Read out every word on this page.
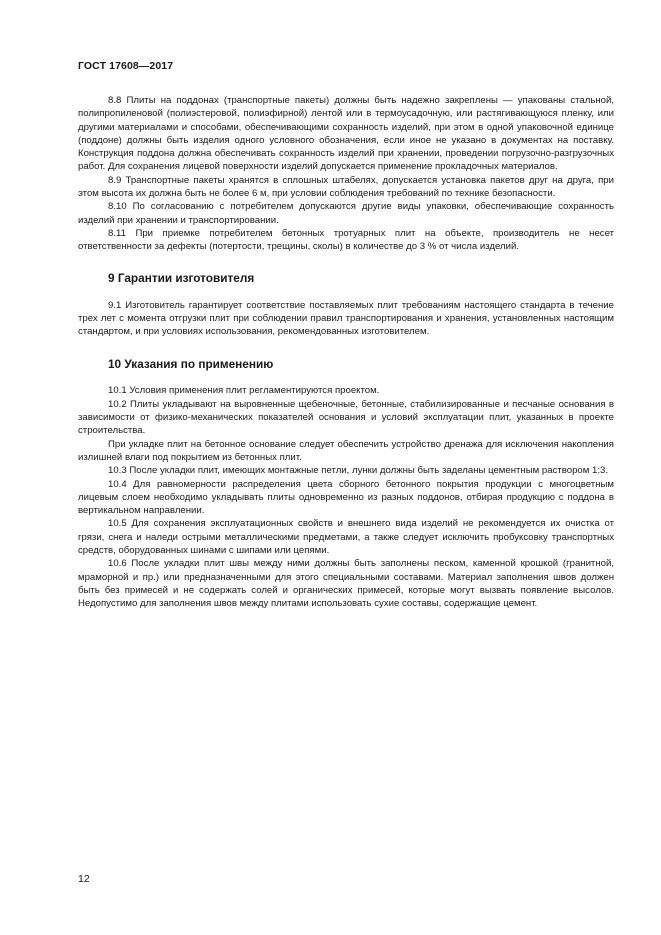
ГОСТ 17608—2017

8.8 Плиты на поддонах (транспортные пакеты) должны быть надежно закреплены — упакованы стальной, полипропиленовой (полиэстеровой, полиэфирной) лентой или в термоусадочную, или растягивающуюся пленку, или другими материалами и способами, обеспечивающими сохранность изделий, при этом в одной упаковочной единице (поддоне) должны быть изделия одного условного обозначения, если иное не указано в документах на поставку. Конструкция поддона должна обеспечивать сохранность изделий при хранении, проведении погрузочно-разгрузочных работ. Для сохранения лицевой поверхности изделий допускается применение прокладочных материалов.

8.9 Транспортные пакеты хранятся в сплошных штабелях, допускается установка пакетов друг на друга, при этом высота их должна быть не более 6 м, при условии соблюдения требований по технике безопасности.

8.10 По согласованию с потребителем допускаются другие виды упаковки, обеспечивающие сохранность изделий при хранении и транспортировании.

8.11 При приемке потребителем бетонных тротуарных плит на объекте, производитель не несет ответственности за дефекты (потертости, трещины, сколы) в количестве до 3 % от числа изделий.

9 Гарантии изготовителя

9.1 Изготовитель гарантирует соответствие поставляемых плит требованиям настоящего стандарта в течение трех лет с момента отгрузки плит при соблюдении правил транспортирования и хранения, установленных настоящим стандартом, и при условиях использования, рекомендованных изготовителем.

10 Указания по применению

10.1 Условия применения плит регламентируются проектом.

10.2 Плиты укладывают на выровненные щебеночные, бетонные, стабилизированные и песчаные основания в зависимости от физико-механических показателей основания и условий эксплуатации плит, указанных в проекте строительства.

При укладке плит на бетонное основание следует обеспечить устройство дренажа для исключения накопления излишней влаги под покрытием из бетонных плит.

10.3 После укладки плит, имеющих монтажные петли, лунки должны быть заделаны цементным раствором 1:3.

10.4 Для равномерности распределения цвета сборного бетонного покрытия продукции с многоцветным лицевым слоем необходимо укладывать плиты одновременно из разных поддонов, отбирая продукцию с поддона в вертикальном направлении.

10.5 Для сохранения эксплуатационных свойств и внешнего вида изделий не рекомендуется их очистка от грязи, снега и наледи острыми металлическими предметами, а также следует исключить пробуксовку транспортных средств, оборудованных шинами с шипами или цепями.

10.6 После укладки плит швы между ними должны быть заполнены песком, каменной крошкой (гранитной, мраморной и пр.) или предназначенными для этого специальными составами. Материал заполнения швов должен быть без примесей и не содержать солей и органических примесей, которые могут вызвать появление высолов. Недопустимо для заполнения швов между плитами использовать сухие составы, содержащие цемент.

12
